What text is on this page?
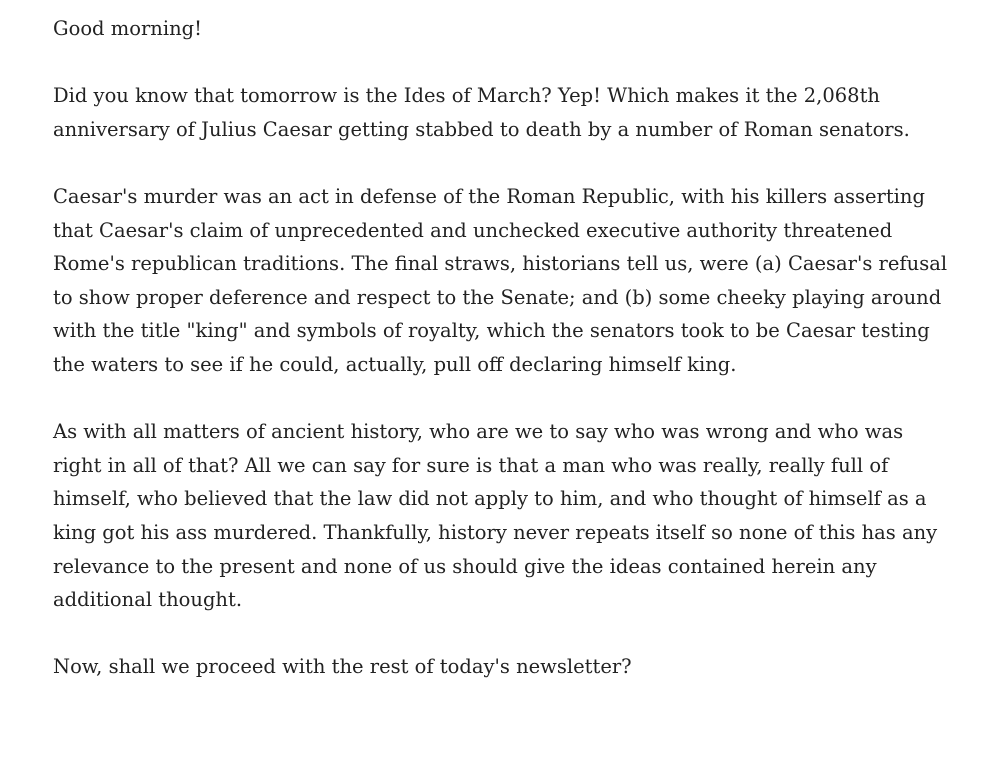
Good morning!

Did you know that tomorrow is the Ides of March? Yep! Which makes it the 2,068th anniversary of Julius Caesar getting stabbed to death by a number of Roman senators.

Caesar's murder was an act in defense of the Roman Republic, with his killers asserting that Caesar's claim of unprecedented and unchecked executive authority threatened Rome's republican traditions. The final straws, historians tell us, were (a) Caesar's refusal to show proper deference and respect to the Senate; and (b) some cheeky playing around with the title "king" and symbols of royalty, which the senators took to be Caesar testing the waters to see if he could, actually, pull off declaring himself king.

As with all matters of ancient history, who are we to say who was wrong and who was right in all of that? All we can say for sure is that a man who was really, really full of himself, who believed that the law did not apply to him, and who thought of himself as a king got his ass murdered. Thankfully, history never repeats itself so none of this has any relevance to the present and none of us should give the ideas contained herein any additional thought.

Now, shall we proceed with the rest of today's newsletter?
